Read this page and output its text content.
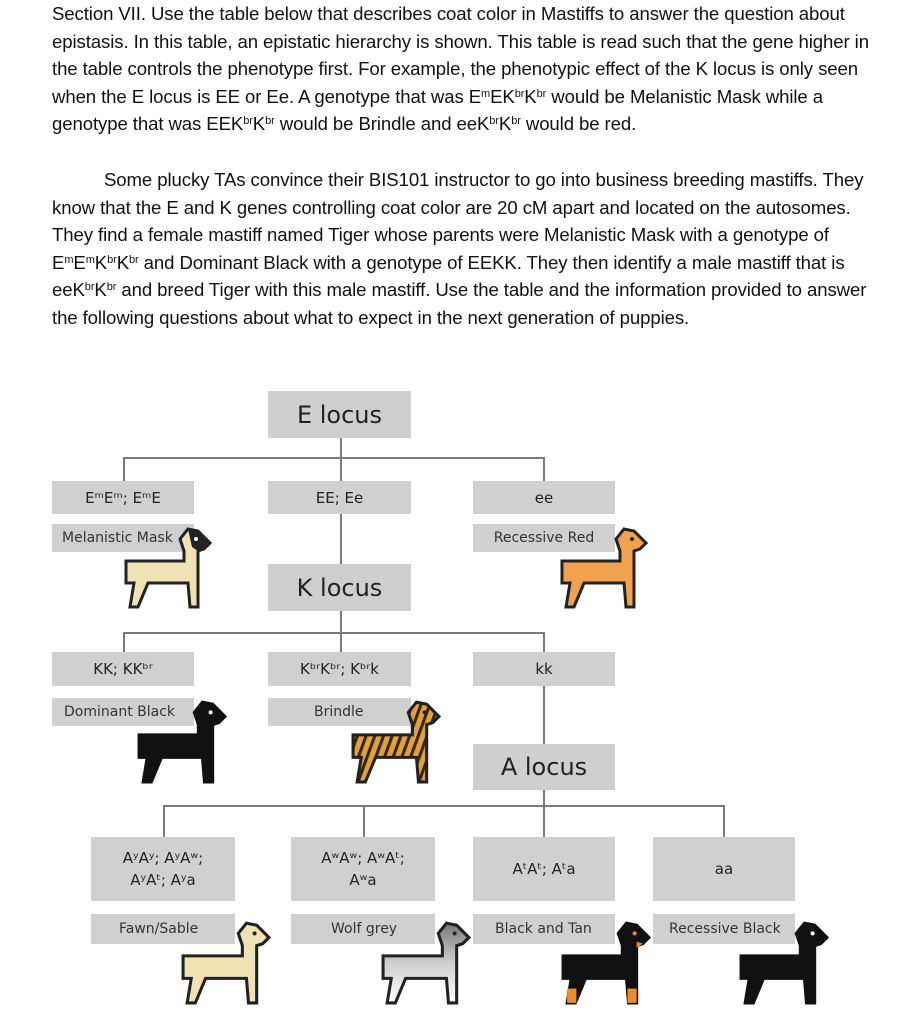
Section VII. Use the table below that describes coat color in Mastiffs to answer the question about epistasis. In this table, an epistatic hierarchy is shown. This table is read such that the gene higher in the table controls the phenotype first. For example, the phenotypic effect of the K locus is only seen when the E locus is EE or Ee. A genotype that was $E^mEK^{br}K^{br}$ would be Melanistic Mask while a genotype that was $EEK^{br}K^{br}$ would be Brindle and $eeK^{br}K^{br}$ would be red.

Some plucky TAs convince their BIS101 instructor to go into business breeding mastiffs. They know that the E and K genes controlling coat color are 20 cM apart and located on the autosomes. They find a female mastiff named Tiger whose parents were Melanistic Mask with a genotype of $E^mE^mK^{br}K^{br}$ and Dominant Black with a genotype of EEKK. They then identify a male mastiff that is $eeK^{br}K^{br}$ and breed Tiger with this male mastiff. Use the table and the information provided to answer the following questions about what to expect in the next generation of puppies.

E locus
K locus
A locus
EᵐEᵐ; EᵐE	EE; Ee	ee
Melanistic Mask	Recessive Red
KK; KKᵇʳ	KᵇʳKᵇʳ; Kᵇʳk	kk
Dominant Black	Brindle
AʸAʸ; AʸAʷ;
AʸAᵗ; Aʸa
AʷAʷ; AʷAᵗ;
Aʷa
AᵗAᵗ; Aᵗa	aa
Fawn/Sable	Wolf grey	Black and Tan	Recessive Black
